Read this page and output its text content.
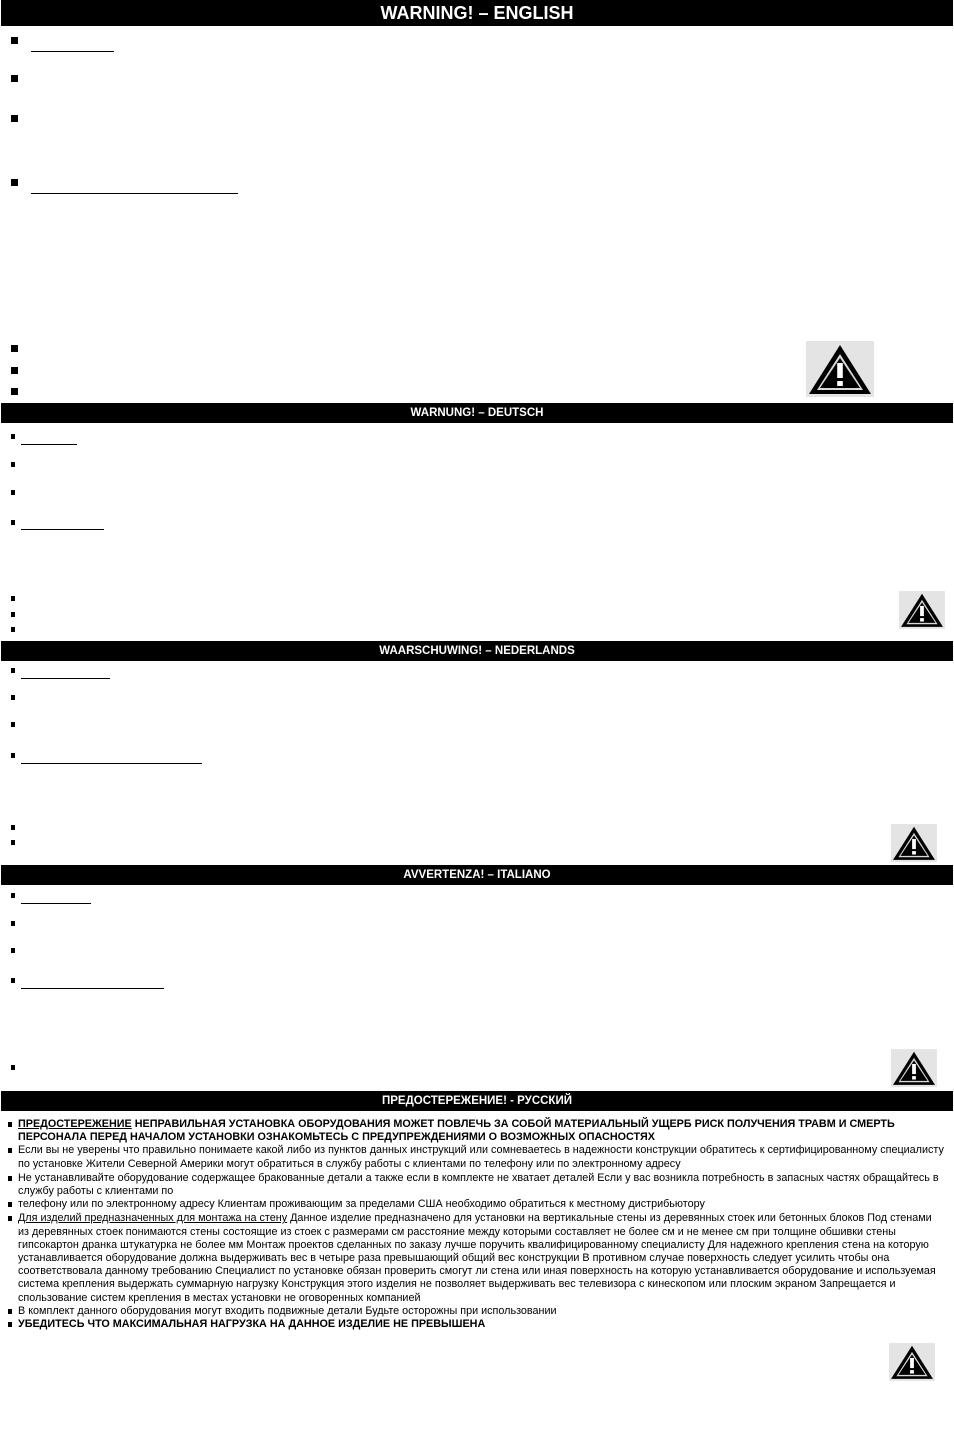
WARNING! – ENGLISH
WARNUNG! – DEUTSCH
WAARSCHUWING! – NEDERLANDS
AVVERTENZA! – ITALIANO
ПРЕДОСТЕРЕЖЕНИЕ! - РУССКИЙ
ПРЕДОСТЕРЕЖЕНИЕ НЕПРАВИЛЬНАЯ УСТАНОВКА ОБОРУДОВАНИЯ МОЖЕТ ПОВЛЕЧЬ ЗА СОБОЙ МАТЕРИАЛЬНЫЙ УЩЕРБ РИСК ПОЛУЧЕНИЯ ТРАВМ И СМЕРТЬ ПЕРСОНАЛА ПЕРЕД НАЧАЛОМ УСТАНОВКИ ОЗНАКОМЬТЕСЬ С ПРЕДУПРЕЖДЕНИЯМИ О ВОЗМОЖНЫХ ОПАСНОСТЯХ
Если вы не уверены что правильно понимаете какой либо из пунктов данных инструкций или сомневаетесь в надежности конструкции обратитесь к сертифицированному специалисту по установке Жители Северной Америки могут обратиться в службу работы с клиентами по телефону или по электронному адресу
Не устанавливайте оборудование содержащее бракованные детали а также если в комплекте не хватает деталей Если у вас возникла потребность в запасных частях обращайтесь в службу работы с клиентами по
телефону или по электронному адресу Клиентам проживающим за пределами США необходимо обратиться к местному дистрибьютору
Для изделий предназначенных для монтажа на стену Данное изделие предназначено для установки на вертикальные стены из деревянных стоек или бетонных блоков Под стенами из деревянных стоек понимаются стены состоящие из стоек с размерами см расстояние между которыми составляет не более см и не менее см при толщине обшивки стены гипсокартон дранка штукатурка не более мм Монтаж проектов сделанных по заказу лучше поручить квалифицированному специалисту Для надежного крепления стена на которую устанавливается оборудование должна выдерживать вес в четыре раза превышающий общий вес конструкции В противном случае поверхность следует усилить чтобы она соответствовала данному требованию Специалист по установке обязан проверить смогут ли стена или иная поверхность на которую устанавливается оборудование и используемая система крепления выдержать суммарную нагрузку Конструкция этого изделия не позволяет выдерживать вес телевизора с кинескопом или плоским экраном Запрещается и спользование систем крепления в местах установки не оговоренных компанией
В комплект данного оборудования могут входить подвижные детали Будьте осторожны при использовании
УБЕДИТЕСЬ ЧТО МАКСИМАЛЬНАЯ НАГРУЗКА НА ДАННОЕ ИЗДЕЛИЕ НЕ ПРЕВЫШЕНА
